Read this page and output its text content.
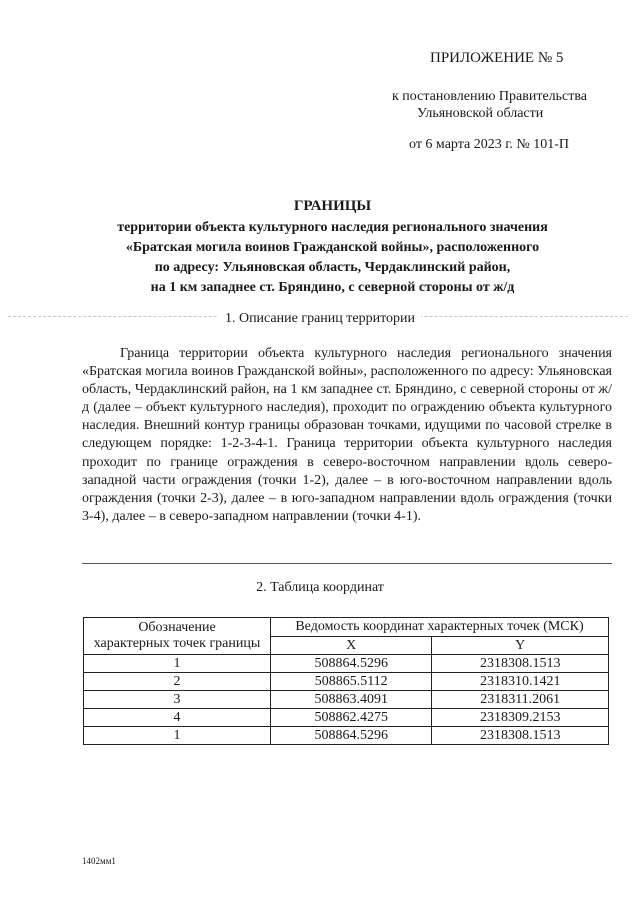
ПРИЛОЖЕНИЕ № 5
к постановлению Правительства
Ульяновской области
от 6 марта 2023 г. № 101-П
ГРАНИЦЫ
территории объекта культурного наследия регионального значения
«Братская могила воинов Гражданской войны», расположенного
по адресу: Ульяновская область, Чердаклинский район,
на 1 км западнее ст. Бряндино, с северной стороны от ж/д
1. Описание границ территории
Граница территории объекта культурного наследия регионального значения «Братская могила воинов Гражданской войны», расположенного по адресу: Ульяновская область, Чердаклинский район, на 1 км западнее ст. Бряндино, с северной стороны от ж/д (далее – объект культурного наследия), проходит по ограждению объекта культурного наследия. Внешний контур границы образован точками, идущими по часовой стрелке в следующем порядке: 1-2-3-4-1. Граница территории объекта культурного наследия проходит по границе ограждения в северо-восточном направлении вдоль северо-западной части ограждения (точки 1-2), далее – в юго-восточном направлении вдоль ограждения (точки 2-3), далее – в юго-западном направлении вдоль ограждения (точки 3-4), далее – в северо-западном направлении (точки 4-1).
2. Таблица координат
Обозначение
характерных точек границы	Ведомость координат характерных точек (МСК)	
	X	Y
1	508864.5296	2318308.1513
2	508865.5112	2318310.1421
3	508863.4091	2318311.2061
4	508862.4275	2318309.2153
1	508864.5296	2318308.1513
1402мм1
